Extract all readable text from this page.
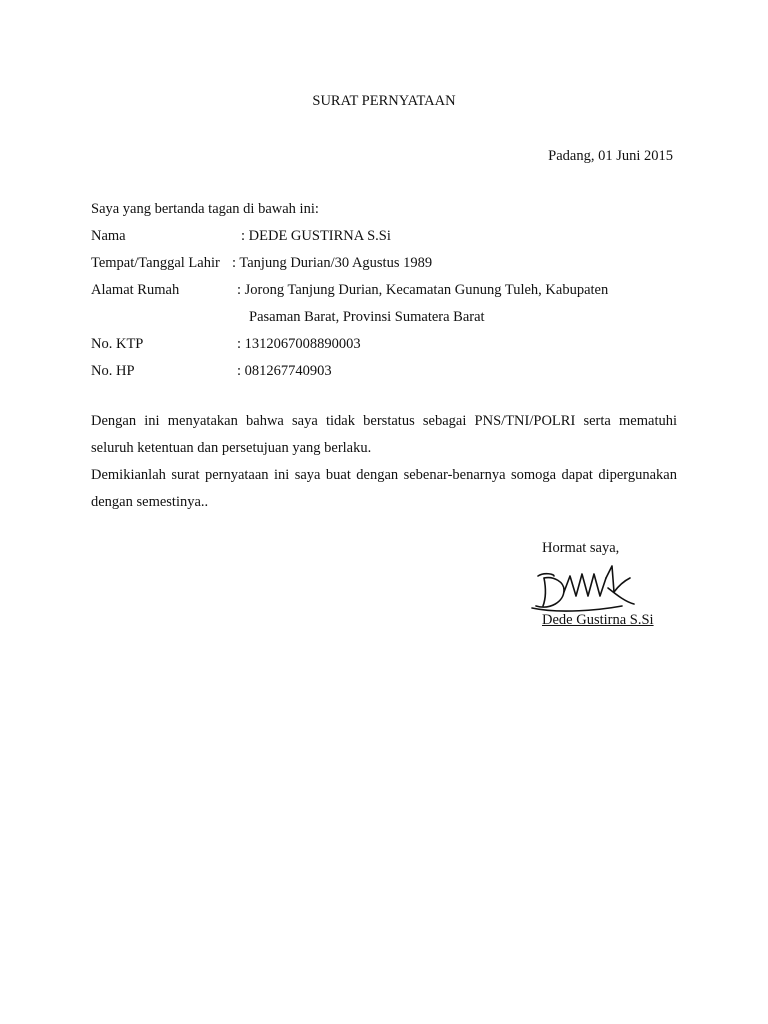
SURAT PERNYATAAN
Padang, 01 Juni 2015
Saya yang bertanda tagan di bawah ini:
Nama	: DEDE GUSTIRNA S.Si
Tempat/Tanggal Lahir : Tanjung Durian/30 Agustus 1989
Alamat Rumah	: Jorong Tanjung Durian, Kecamatan Gunung Tuleh, Kabupaten
Pasaman Barat, Provinsi Sumatera Barat
No. KTP	: 1312067008890003
No. HP	: 081267740903
Dengan ini menyatakan bahwa saya tidak berstatus sebagai PNS/TNI/POLRI serta mematuhi seluruh ketentuan dan persetujuan yang berlaku.
Demikianlah surat pernyataan ini saya buat dengan sebenar-benarnya somoga dapat dipergunakan dengan semestinya..
Hormat saya,
Dede Gustirna S.Si
